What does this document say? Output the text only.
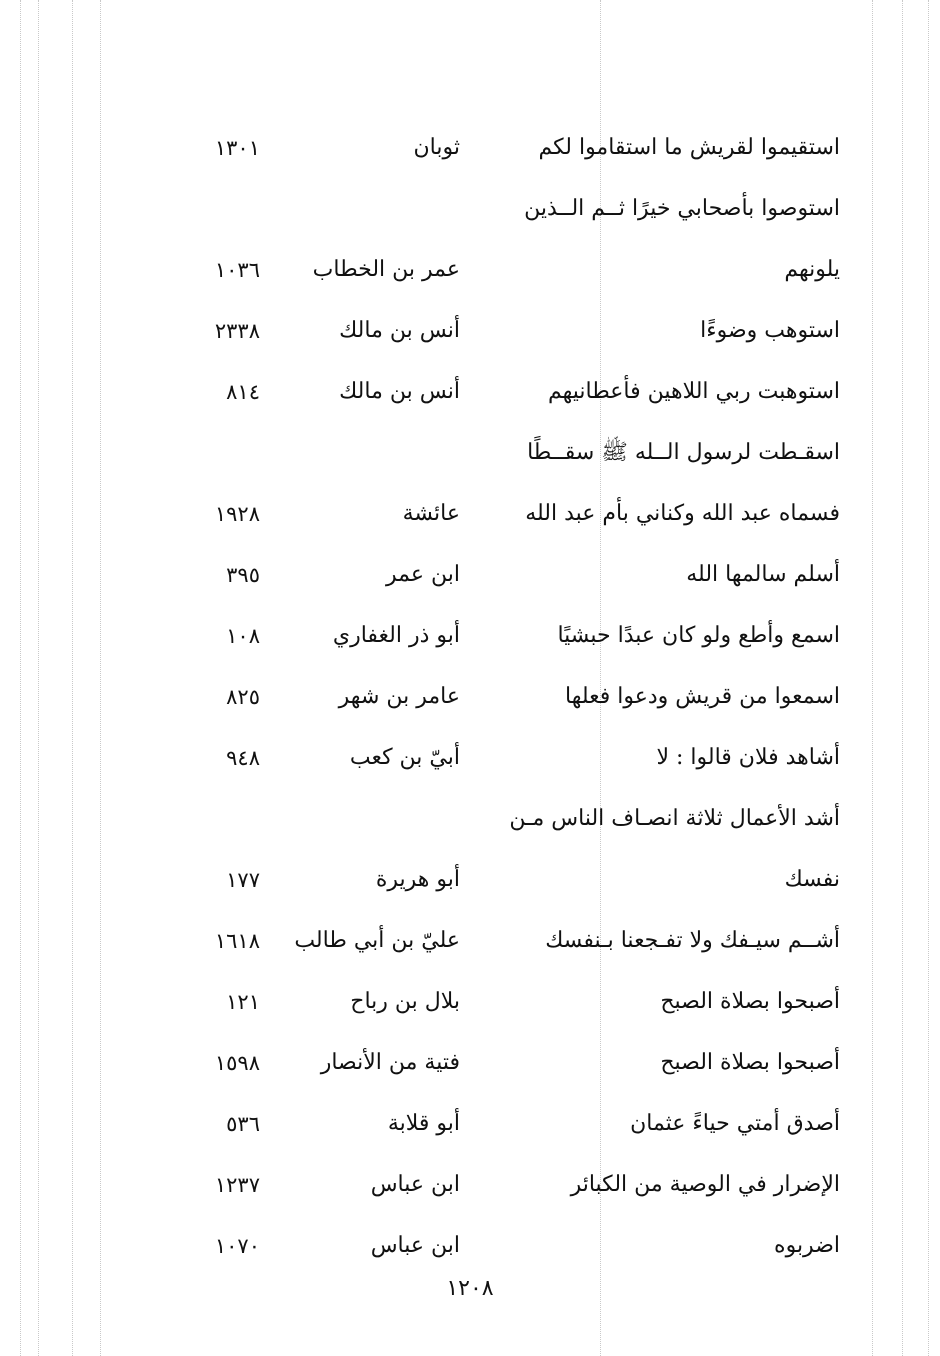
استقيموا لقريش ما استقاموا لكم
ثوبان
١٣٠١
استوصوا بأصحابي خيرًا ثــم الــذين
يلونهم
عمر بن الخطاب
١٠٣٦
استوهب وضوءًا
أنس بن مالك
٢٣٣٨
استوهبت ربي اللاهين فأعطانيهم
أنس بن مالك
٨١٤
اسقـطت لرسول الــله ﷺ سقــطًا
فسماه عبد الله وكناني بأم عبد الله
عائشة
١٩٢٨
أسلم سالمها الله
ابن عمر
٣٩٥
اسمع وأطع ولو كان عبدًا حبشيًا
أبو ذر الغفاري
١٠٨
اسمعوا من قريش ودعوا فعلها
عامر بن شهر
٨٢٥
أشاهد فلان قالوا : لا
أبيّ بن كعب
٩٤٨
أشد الأعمال ثلاثة انصـاف الناس مـن
نفسك
أبو هريرة
١٧٧
أشــم سيـفك ولا تفـجعنا بـنفسك
عليّ بن أبي طالب
١٦١٨
أصبحوا بصلاة الصبح
بلال بن رباح
١٢١
أصبحوا بصلاة الصبح
فتية من الأنصار
١٥٩٨
أصدق أمتي حياءً عثمان
أبو قلابة
٥٣٦
الإضرار في الوصية من الكبائر
ابن عباس
١٢٣٧
اضربوه
ابن عباس
١٠٧٠
١٢٠٨
